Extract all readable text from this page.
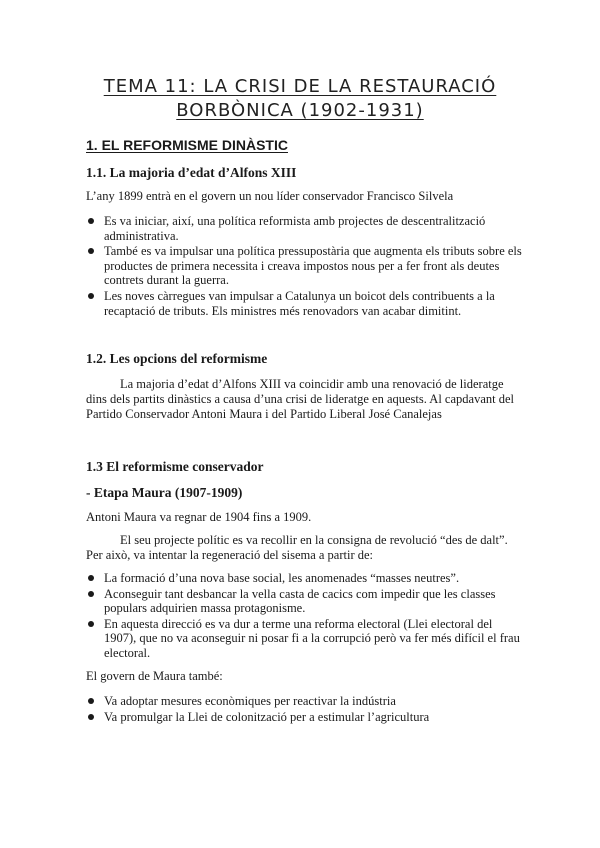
TEMA 11: LA CRISI DE LA RESTAURACIÓ
BORBÒNICA (1902-1931)
1. EL REFORMISME DINÀSTIC
1.1. La majoria d’edat d’Alfons XIII

L’any 1899 entrà en el govern un nou líder conservador Francisco Silvela

Es va iniciar, així, una política reformista amb projectes de descentralització administrativa.
També es va impulsar una política pressupostària que augmenta els tributs sobre els productes de primera necessita i creava impostos nous per a fer front als deutes contrets durant la guerra.
Les noves càrregues van impulsar a Catalunya un boicot dels contribuents a la recaptació de tributs. Els ministres més renovadors van acabar dimitint.
1.2. Les opcions del reformisme

La majoria d’edat d’Alfons XIII va coincidir amb una renovació de lideratge dins dels partits dinàstics a causa d’una crisi de lideratge en aquests. Al capdavant del Partido Conservador Antoni Maura i del Partido Liberal José Canalejas

1.3 El reformisme conservador
- Etapa Maura (1907-1909)

Antoni Maura va regnar de 1904 fins a 1909.

El seu projecte polític es va recollir en la consigna de revolució “des de dalt”. Per això, va intentar la regeneració del sisema a partir de:

La formació d’una nova base social, les anomenades “masses neutres”.
Aconseguir tant desbancar la vella casta de cacics com impedir que les classes populars adquirien massa protagonisme.
En aquesta direcció es va dur a terme una reforma electoral (Llei electoral del 1907), que no va aconseguir ni posar fi a la corrupció però va fer més difícil el frau electoral.

El govern de Maura també:

Va adoptar mesures econòmiques per reactivar la indústria
Va promulgar la Llei de colonització per a estimular l’agricultura
